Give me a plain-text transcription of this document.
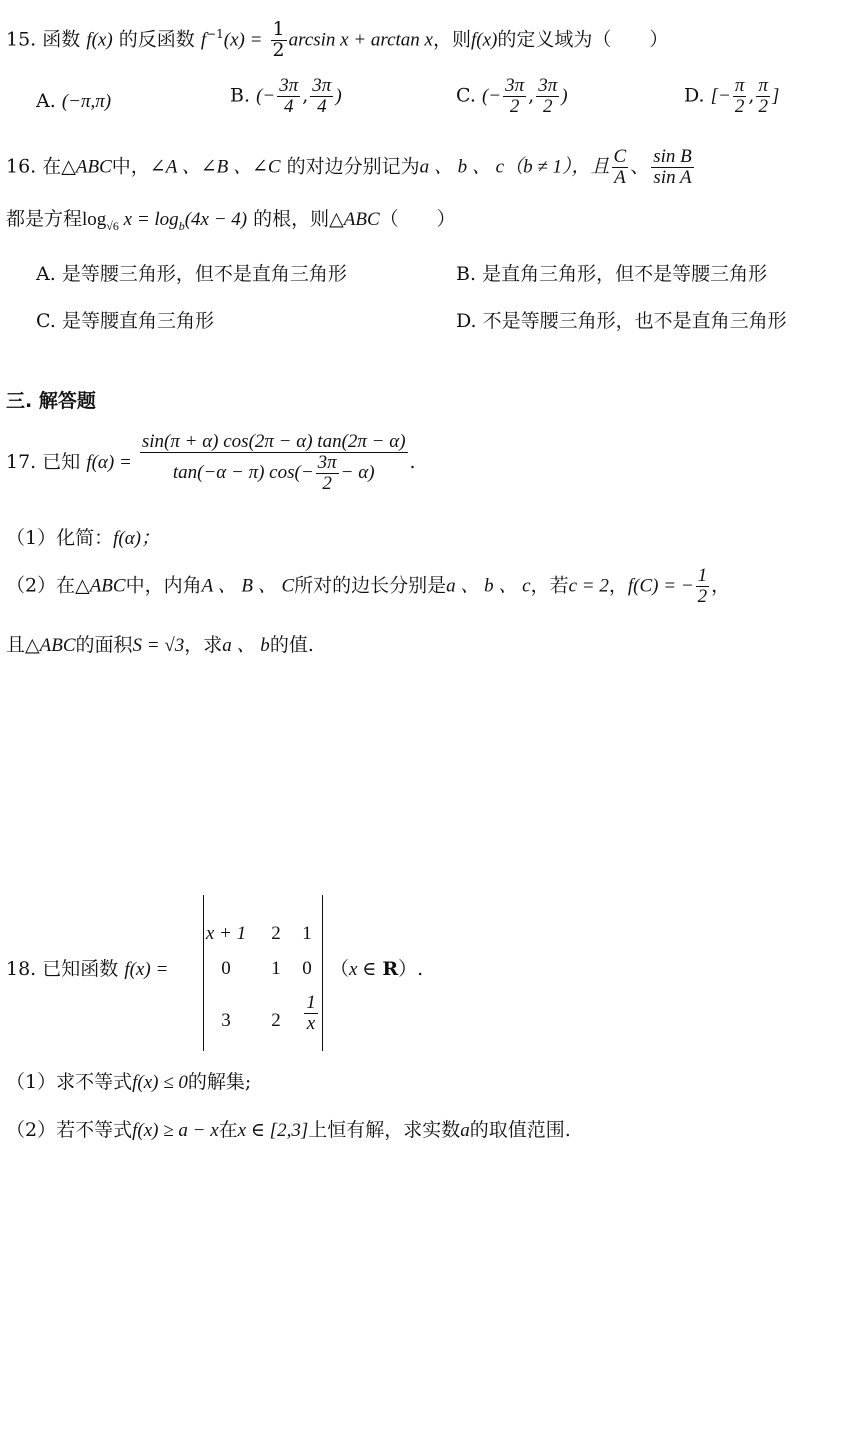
15. 函数 f(x) 的反函数 $f^{-1}(x) = \frac{1}{2}$ arcsin x + arctan x，则f(x)的定义域为（　　）
A. (−π,π)	B. (− $\frac{3\pi}{4}$ , $\frac{3\pi}{4}$ )	C. (− $\frac{3\pi}{2}$ , $\frac{3\pi}{2}$ )	D. [− $\frac{\pi}{2}$ , $\frac{\pi}{2}$ ]
16. 在△ABC中，∠A 、∠B 、∠C 的对边分别记为a 、 b 、 c（b ≠ 1），且 $\frac{C}{A}$ 、 $\frac{\text{sin B}}{\text{sin A}}$
都是方程$\log_{√6} x = \log_b(4x - 4)$ 的根，则△ABC（　　）
A. 是等腰三角形，但不是直角三角形	B. 是直角三角形，但不是等腰三角形
C. 是等腰直角三角形	D. 不是等腰三角形，也不是直角三角形
三. 解答题
17. 已知 $f(\alpha) = \frac{\sin(\pi + \alpha) \cos(2\pi - \alpha) \tan(2\pi - \alpha)}{\tan(-\alpha - \pi) \cos(- \frac{3\pi}{2} - \alpha)}$ .
（1）化简：f(α)；
（2）在△ABC中，内角A 、 B 、 C所对的边长分别是a 、 b 、 c，若c = 2，f(C) = − $\frac{1}{2}$ ，
且△ABC的面积S = √3，求a 、 b的值.
18. 已知函数 f(x) =
x + 1	2	1
0	1	0
3	2	$\frac{1}{x}$
（x ∈ R）.
（1）求不等式f(x) ≤ 0的解集;
（2）若不等式f(x) ≥ a − x在x ∈ [2,3]上恒有解，求实数a的取值范围.
